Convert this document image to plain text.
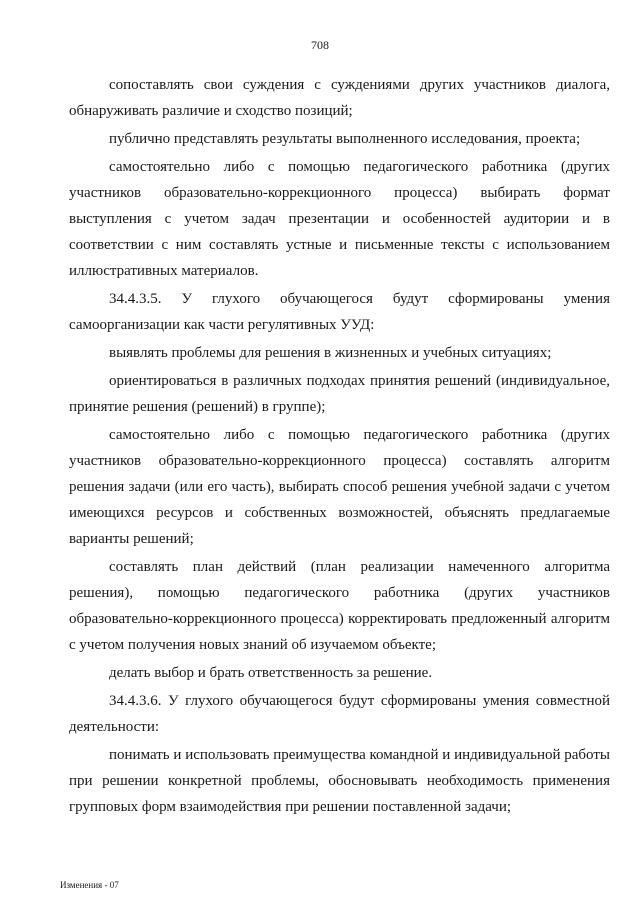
708

сопоставлять свои суждения с суждениями других участников диалога, обнаруживать различие и сходство позиций;

публично представлять результаты выполненного исследования, проекта;

самостоятельно либо с помощью педагогического работника (других участников образовательно-коррекционного процесса) выбирать формат выступления с учетом задач презентации и особенностей аудитории и в соответствии с ним составлять устные и письменные тексты с использованием иллюстративных материалов.

34.4.3.5. У глухого обучающегося будут сформированы умения самоорганизации как части регулятивных УУД:

выявлять проблемы для решения в жизненных и учебных ситуациях;

ориентироваться в различных подходах принятия решений (индивидуальное, принятие решения (решений) в группе);

самостоятельно либо с помощью педагогического работника (других участников образовательно-коррекционного процесса) составлять алгоритм решения задачи (или его часть), выбирать способ решения учебной задачи с учетом имеющихся ресурсов и собственных возможностей, объяснять предлагаемые варианты решений;

составлять план действий (план реализации намеченного алгоритма решения), помощью педагогического работника (других участников образовательно-коррекционного процесса) корректировать предложенный алгоритм с учетом получения новых знаний об изучаемом объекте;

делать выбор и брать ответственность за решение.

34.4.3.6. У глухого обучающегося будут сформированы умения совместной деятельности:

понимать и использовать преимущества командной и индивидуальной работы при решении конкретной проблемы, обосновывать необходимость применения групповых форм взаимодействия при решении поставленной задачи;

Изменения - 07
